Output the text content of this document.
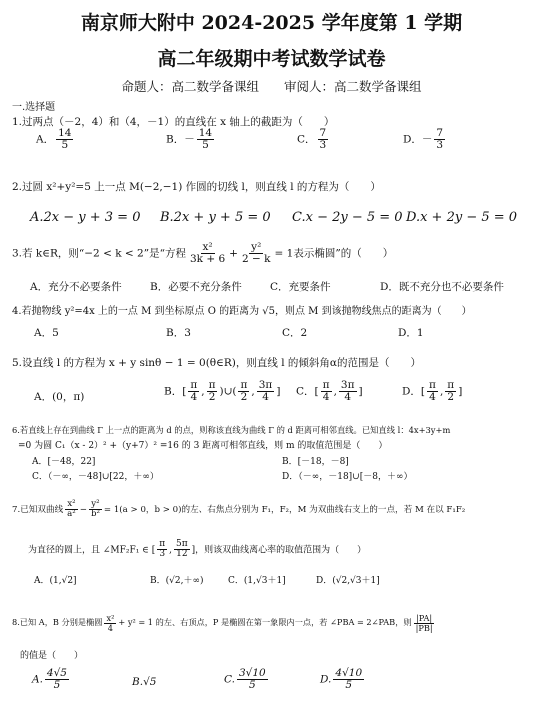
南京师大附中 2024-2025 学年度第 1 学期
高二年级期中考试数学试卷
命题人：高二数学备课组　　审阅人：高二数学备课组
一.选择题
1.过两点（－2，4）和（4，－1）的直线在 x 轴上的截距为（　　）
A． $\frac{14}{5}$	B．－ $\frac{14}{5}$	C． $\frac{7}{3}$	D．－ $\frac{7}{3}$
2.过圆 x²+y²=5 上一点 M(−2,−1) 作圆的切线 l，则直线 l 的方程为（　　）
A.2x − y + 3 = 0 B.2x + y + 5 = 0 C.x − 2y − 5 = 0 D.x + 2y − 5 = 0
3.若 k∈R，则“−2 < k < 2”是“方程 $\frac{\text{x²}}{3k + 6} + \frac{\text{y²}}{2 - k} = 1$表示椭圆”的（　　）
A．充分不必要条件	B．必要不充分条件	C．充要条件	D．既不充分也不必要条件
4.若抛物线 y²=4x 上的一点 M 到坐标原点 O 的距离为 √5，则点 M 到该抛物线焦点的距离为（　　）
A．5	B．3	C．2	D．1
5.设直线 l 的方程为 x + y sinθ − 1 = 0(θ∈R)，则直线 l 的倾斜角α的范围是（　　）
A．(0，π)	B．[ $\frac{\pi}{4}$ , $\frac{\pi}{2}$ )∪( $\frac{\pi}{2}$ , $\frac{3\pi}{4}$ ] C．[ $\frac{\pi}{4}$ , $\frac{3\pi}{4}$ ]	D．[ $\frac{\pi}{4}$ , $\frac{\pi}{2}$ ]
6.若直线上存在到曲线 Γ 上一点的距离为 d 的点，则称该直线为曲线 Γ 的 d 距离可相邻直线。已知直线 l：4x+3y+m
=0 为圆 C₁（x - 2）² +（y+7）² =16 的 3 距离可相邻直线，则 m 的取值范围是（　　）
A．[－48，22]	B．[－18，－8]
C．（－∞，－48]∪[22，＋∞）	D．（－∞，－18]∪[－8，＋∞）
7.已知双曲线 $\frac{\text{x²}}{\text{a²}} - \frac{\text{y²}}{\text{b²}} = 1(a > 0$，b > 0)的左、右焦点分别为 F₁，F₂，M 为双曲线右支上的一点，若 M 在以 F₁F₂
为直径的圆上，且 ∠MF₂F₁ ∈ [ $\frac{\pi}{3}$ , $\frac{5\pi}{12}$ ]，则该双曲线离心率的取值范围为（　　）
A．(1,√2]	B．(√2,＋∞)	C．(1,√3＋1]	D．(√2,√3＋1]
8.已知 A，B 分别是椭圆 $\frac{\text{x²}}{4} + y^2 = 1$ 的左、右顶点，P 是椭圆在第一象限内一点，若 ∠PBA = 2∠PAB，则 $\frac{|PA|}{|PB|}$
的值是（　　）
A. $\frac{4√5}{5}$	B.√5	C. $\frac{3√10}{5}$	D. $\frac{4√10}{5}$
